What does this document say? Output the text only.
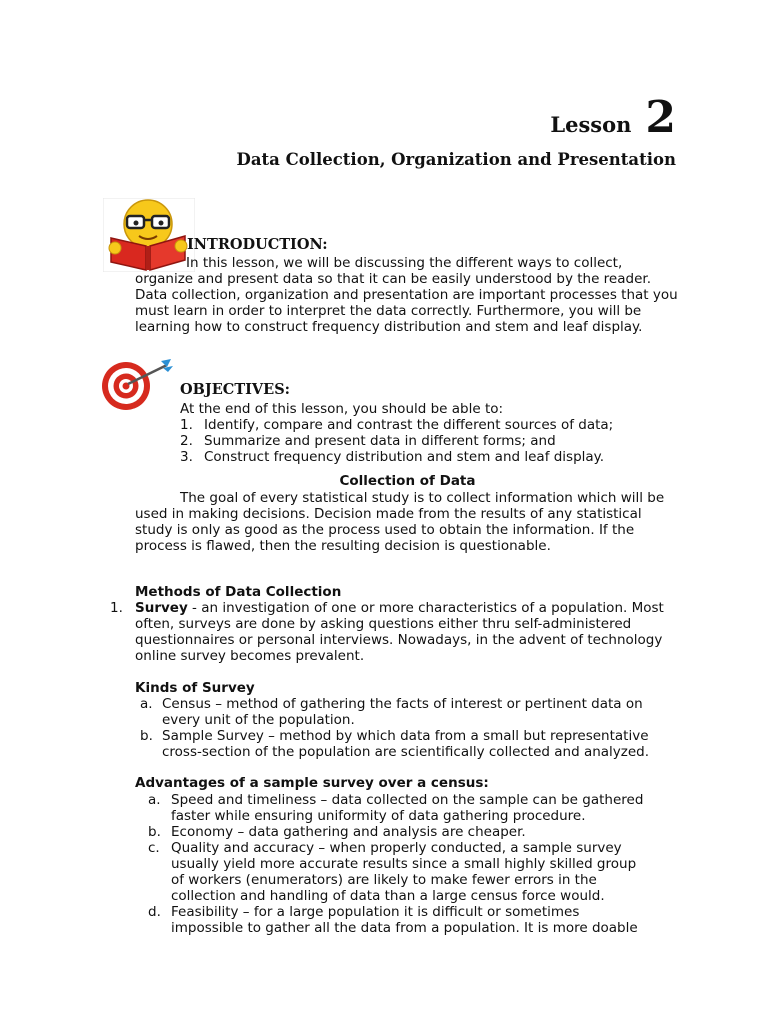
Lesson 2
Data Collection, Organization and Presentation
INTRODUCTION:
In this lesson, we will be discussing the different ways to collect, organize and present data so that it can be easily understood by the reader. Data collection, organization and presentation are important processes that you must learn in order to interpret the data correctly. Furthermore, you will be learning how to construct frequency distribution and stem and leaf display.
OBJECTIVES:
At the end of this lesson, you should be able to:
1. Identify, compare and contrast the different sources of data;
2. Summarize and present data in different forms; and
3. Construct frequency distribution and stem and leaf display.
Collection of Data
The goal of every statistical study is to collect information which will be used in making decisions. Decision made from the results of any statistical study is only as good as the process used to obtain the information. If the process is flawed, then the resulting decision is questionable.
Methods of Data Collection
1. Survey - an investigation of one or more characteristics of a population. Most often, surveys are done by asking questions either thru self-administered questionnaires or personal interviews. Nowadays, in the advent of technology online survey becomes prevalent.
Kinds of Survey
a. Census – method of gathering the facts of interest or pertinent data on every unit of the population.
b. Sample Survey – method by which data from a small but representative cross-section of the population are scientifically collected and analyzed.
Advantages of a sample survey over a census:
a. Speed and timeliness – data collected on the sample can be gathered faster while ensuring uniformity of data gathering procedure.
b. Economy – data gathering and analysis are cheaper.
c. Quality and accuracy – when properly conducted, a sample survey usually yield more accurate results since a small highly skilled group of workers (enumerators) are likely to make fewer errors in the collection and handling of data than a large census force would.
d. Feasibility – for a large population it is difficult or sometimes impossible to gather all the data from a population. It is more doable
